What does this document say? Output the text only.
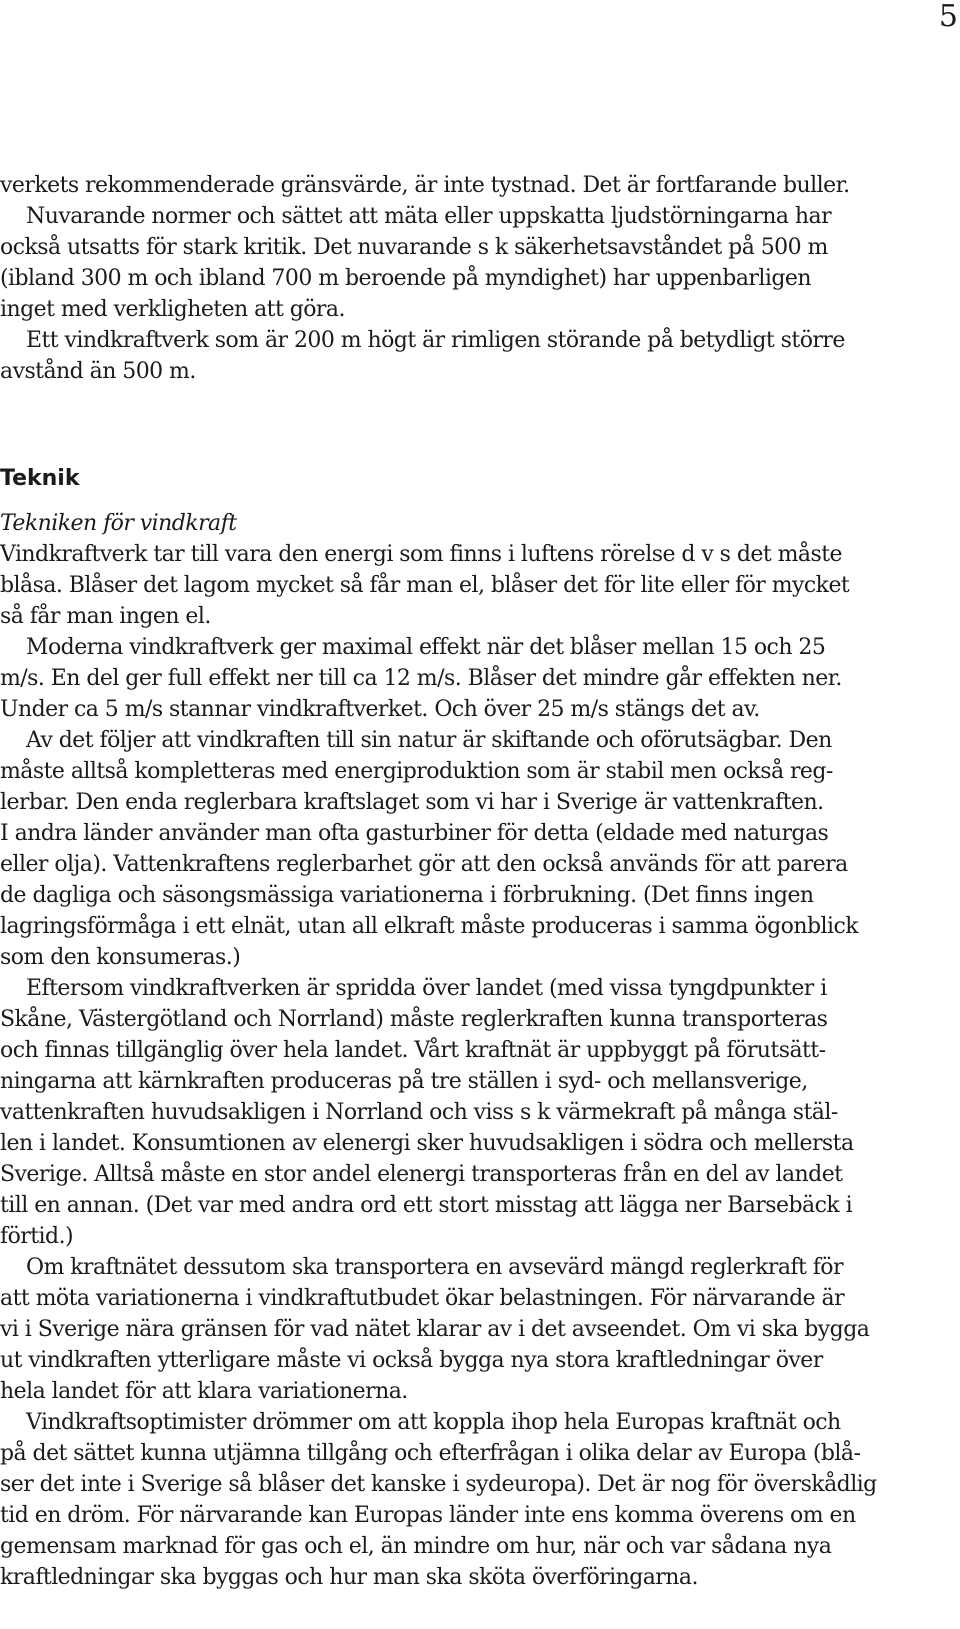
5
verkets rekommenderade gränsvärde, är inte tystnad. Det är fortfarande buller.
Nuvarande normer och sättet att mäta eller uppskatta ljudstörningarna har
också utsatts för stark kritik. Det nuvarande s k säkerhetsavståndet på 500 m
(ibland 300 m och ibland 700 m beroende på myndighet) har uppenbarligen
inget med verkligheten att göra.
Ett vindkraftverk som är 200 m högt är rimligen störande på betydligt större
avstånd än 500 m.
Teknik
Tekniken för vindkraft
Vindkraftverk tar till vara den energi som finns i luftens rörelse d v s det måste
blåsa. Blåser det lagom mycket så får man el, blåser det för lite eller för mycket
så får man ingen el.
Moderna vindkraftverk ger maximal effekt när det blåser mellan 15 och 25
m/s. En del ger full effekt ner till ca 12 m/s. Blåser det mindre går effekten ner.
Under ca 5 m/s stannar vindkraftverket. Och över 25 m/s stängs det av.
Av det följer att vindkraften till sin natur är skiftande och oförutsägbar. Den
måste alltså kompletteras med energiproduktion som är stabil men också reg-
lerbar. Den enda reglerbara kraftslaget som vi har i Sverige är vattenkraften.
I andra länder använder man ofta gasturbiner för detta (eldade med naturgas
eller olja). Vattenkraftens reglerbarhet gör att den också används för att parera
de dagliga och säsongsmässiga variationerna i förbrukning. (Det finns ingen
lagringsförmåga i ett elnät, utan all elkraft måste produceras i samma ögonblick
som den konsumeras.)
Eftersom vindkraftverken är spridda över landet (med vissa tyngdpunkter i
Skåne, Västergötland och Norrland) måste reglerkraften kunna transporteras
och finnas tillgänglig över hela landet. Vårt kraftnät är uppbyggt på förutsätt-
ningarna att kärnkraften produceras på tre ställen i syd- och mellansverige,
vattenkraften huvudsakligen i Norrland och viss s k värmekraft på många stäl-
len i landet. Konsumtionen av elenergi sker huvudsakligen i södra och mellersta
Sverige. Alltså måste en stor andel elenergi transporteras från en del av landet
till en annan. (Det var med andra ord ett stort misstag att lägga ner Barsebäck i
förtid.)
Om kraftnätet dessutom ska transportera en avsevärd mängd reglerkraft för
att möta variationerna i vindkraftutbudet ökar belastningen. För närvarande är
vi i Sverige nära gränsen för vad nätet klarar av i det avseendet. Om vi ska bygga
ut vindkraften ytterligare måste vi också bygga nya stora kraftledningar över
hela landet för att klara variationerna.
Vindkraftsoptimister drömmer om att koppla ihop hela Europas kraftnät och
på det sättet kunna utjämna tillgång och efterfrågan i olika delar av Europa (blå-
ser det inte i Sverige så blåser det kanske i sydeuropa). Det är nog för överskådlig
tid en dröm. För närvarande kan Europas länder inte ens komma överens om en
gemensam marknad för gas och el, än mindre om hur, när och var sådana nya
kraftledningar ska byggas och hur man ska sköta överföringarna.
